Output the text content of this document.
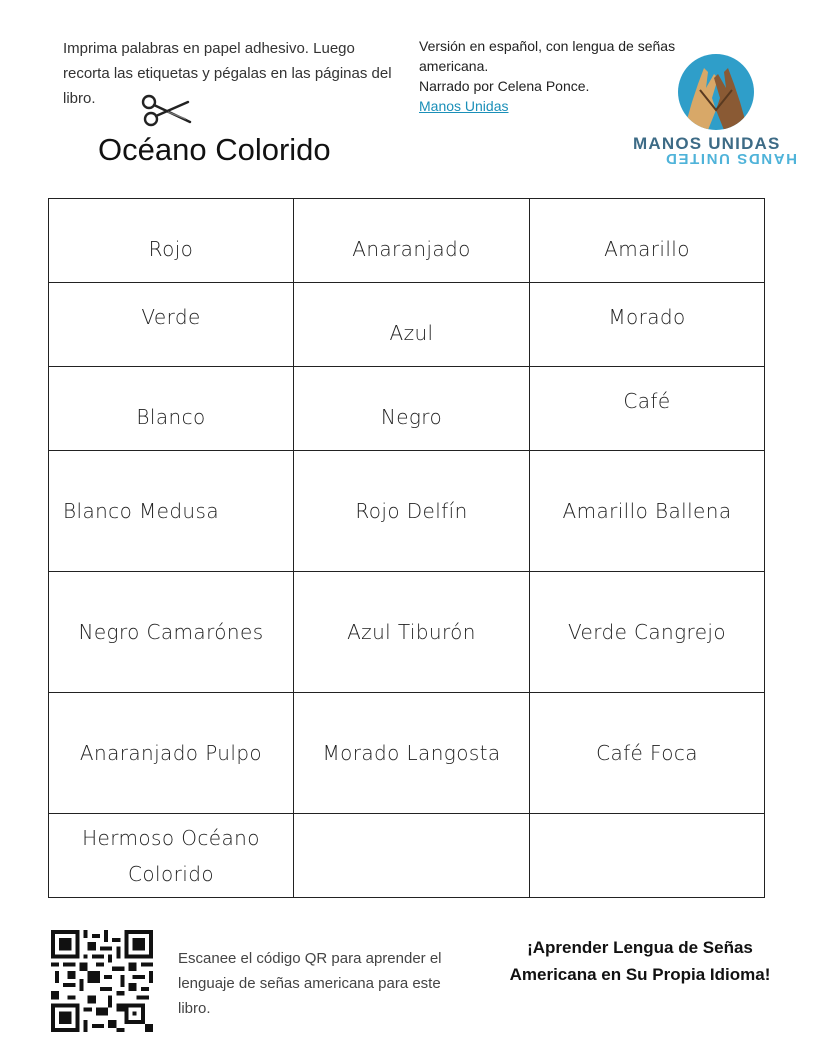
Imprima palabras en papel adhesivo. Luego recorta las etiquetas y pégalas en las páginas del libro.
Versión en español, con lengua de señas americana.
Narrado por Celena Ponce.
Manos Unidas
MANOS UNIDAS
HANDS UNITED
Océano Colorido
Rojo	Anaranjado	Amarillo
Verde	Azul	Morado
Blanco	Negro	Café
Blanco Medusa	Rojo Delfín	Amarillo Ballena
Negro Camarónes	Azul Tiburón	Verde Cangrejo
Anaranjado Pulpo	Morado Langosta	Café Foca
Hermoso Océano Colorido		
Escanee el código QR para aprender el lenguaje de señas americana para este libro.
¡Aprender Lengua de Señas Americana en Su Propia Idioma!
